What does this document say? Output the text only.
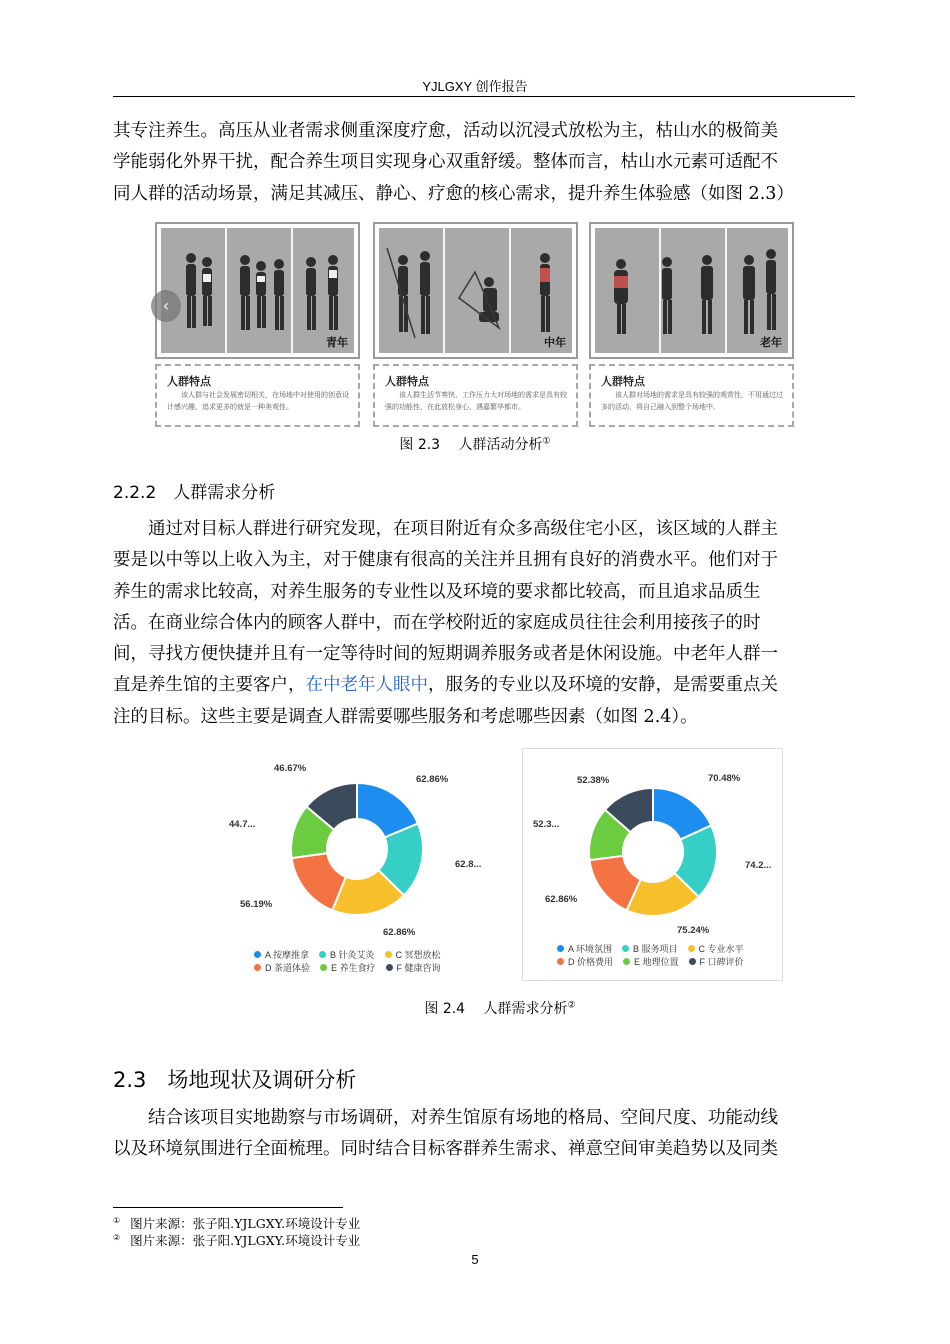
YJLGXY 创作报告
其专注养生。高压从业者需求侧重深度疗愈，活动以沉浸式放松为主，枯山水的极简美
学能弱化外界干扰，配合养生项目实现身心双重舒缓。整体而言，枯山水元素可适配不
同人群的活动场景，满足其减压、静心、疗愈的核心需求，提升养生体验感（如图 2.3）
青年	中年	老年
‹
人群特点
该人群与社会发展密切相关，在场地中对使用的创意设计感兴趣，追求更多的就是一种美观性。
人群特点
该人群生活节奏快、工作压力大对场地的需求是具有较强的功能性，在此放松身心，遇嘉繁华都市。
人群特点
该人群对场地的需求是具有较强的观赏性，不用通过过多的活动，将自己融入到整个场地中。
图 2.3　 人群活动分析①
2.2.2　人群需求分析
通过对目标人群进行研究发现，在项目附近有众多高级住宅小区，该区域的人群主
要是以中等以上收入为主，对于健康有很高的关注并且拥有良好的消费水平。他们对于
养生的需求比较高，对养生服务的专业性以及环境的要求都比较高，而且追求品质生
活。在商业综合体内的顾客人群中，而在学校附近的家庭成员往往会利用接孩子的时
间，寻找方便快捷并且有一定等待时间的短期调养服务或者是休闲设施。中老年人群一
直是养生馆的主要客户，在中老年人眼中，服务的专业以及环境的安静，是需要重点关
注的目标。这些主要是调查人群需要哪些服务和考虑哪些因素（如图 2.4）。
46.67%
62.86%
44.7...
62.8...
56.19%
62.86%
A 按摩推拿 B 针灸艾灸 C 冥想放松
D 茶道体验 E 养生食疗 F 健康咨询
52.38%	70.48%
52.3...
74.2...
62.86%
75.24%
A 环境氛围 B 服务项目 C 专业水平
D 价格费用 E 地理位置 F 口碑评价
图 2.4　 人群需求分析②
2.3　场地现状及调研分析
结合该项目实地勘察与市场调研，对养生馆原有场地的格局、空间尺度、功能动线
以及环境氛围进行全面梳理。同时结合目标客群养生需求、禅意空间审美趋势以及同类
① 图片来源：张子阳.YJLGXY.环境设计专业
② 图片来源：张子阳.YJLGXY.环境设计专业
5
